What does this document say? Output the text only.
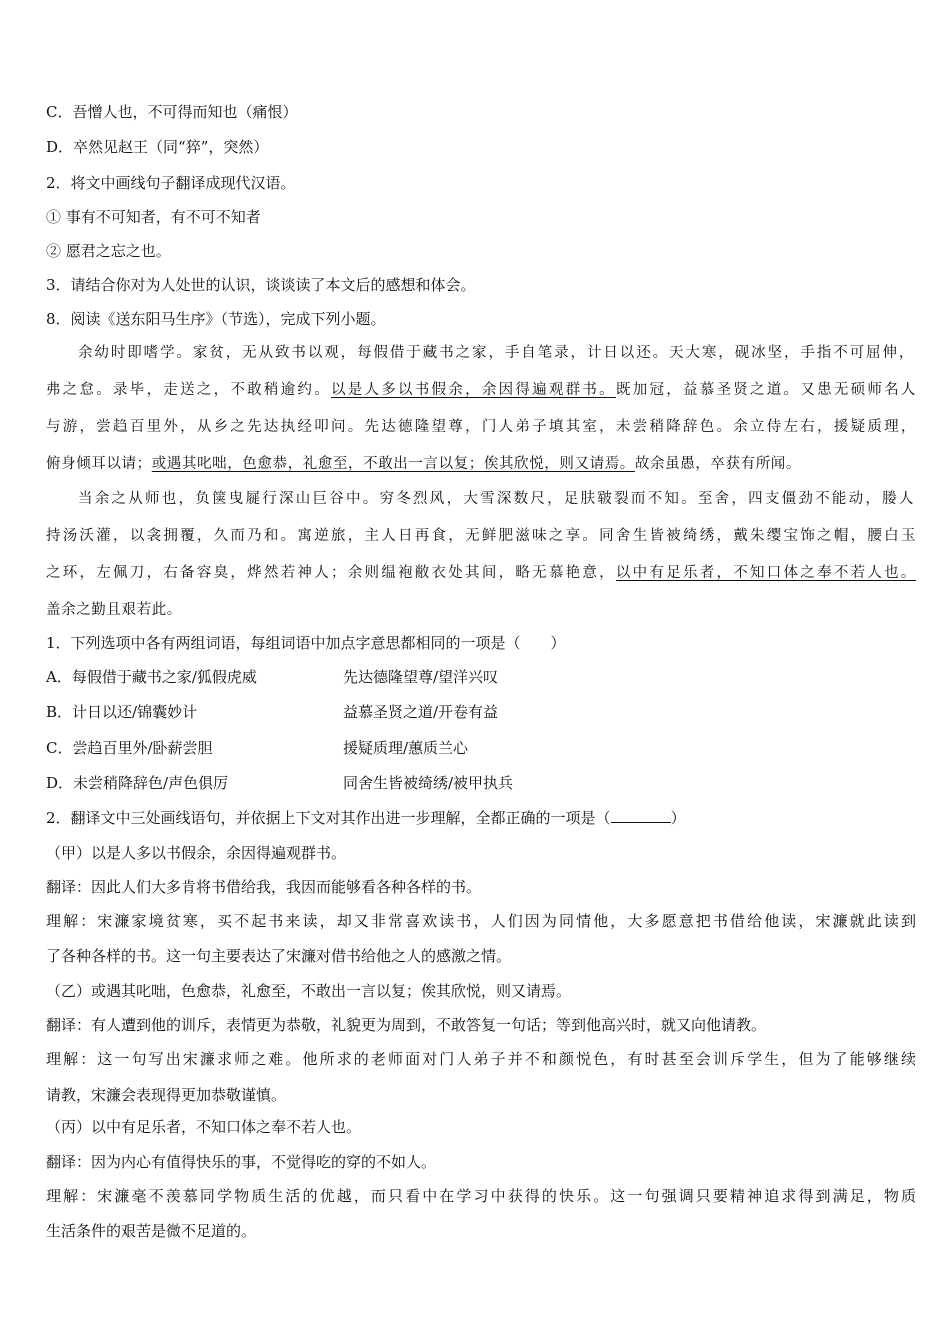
C．吾憎人也，不可得而知也（痛恨）
D．卒然见赵王（同“猝”，突然）
2．将文中画线句子翻译成现代汉语。
① 事有不可知者，有不可不知者
② 愿君之忘之也。
3．请结合你对为人处世的认识，谈谈读了本文后的感想和体会。
8．阅读《送东阳马生序》（节选），完成下列小题。
余幼时即嗜学。家贫，无从致书以观，每假借于藏书之家，手自笔录，计日以还。天大寒，砚冰坚，手指不可屈伸，
弗之怠。录毕，走送之，不敢稍逾约。以是人多以书假余，余因得遍观群书。既加冠，益慕圣贤之道。又患无硕师名人
与游，尝趋百里外，从乡之先达执经叩问。先达德隆望尊，门人弟子填其室，未尝稍降辞色。余立侍左右，援疑质理，
俯身倾耳以请；或遇其叱咄，色愈恭，礼愈至，不敢出一言以复；俟其欣悦，则又请焉。故余虽愚，卒获有所闻。
当余之从师也，负箧曳屣行深山巨谷中。穷冬烈风，大雪深数尺，足肤皲裂而不知。至舍，四支僵劲不能动，媵人
持汤沃灌，以衾拥覆，久而乃和。寓逆旅，主人日再食，无鲜肥滋味之享。同舍生皆被绮绣，戴朱缨宝饰之帽，腰白玉
之环，左佩刀，右备容臭，烨然若神人；余则缊袍敝衣处其间，略无慕艳意，以中有足乐者，不知口体之奉不若人也。
盖余之勤且艰若此。
1．下列选项中各有两组词语，每组词语中加点字意思都相同的一项是（　　）
A．每假借于藏书之家/狐假虎威	先达德隆望尊/望洋兴叹
B．计日以还/锦囊妙计	益慕圣贤之道/开卷有益
C．尝趋百里外/卧薪尝胆	援疑质理/蕙质兰心
D．未尝稍降辞色/声色俱厉	同舍生皆被绮绣/被甲执兵
2．翻译文中三处画线语句，并依据上下文对其作出进一步理解，全都正确的一项是（	）
（甲）以是人多以书假余，余因得遍观群书。
翻译：因此人们大多肯将书借给我，我因而能够看各种各样的书。
理解：宋濂家境贫寒，买不起书来读，却又非常喜欢读书，人们因为同情他，大多愿意把书借给他读，宋濂就此读到
了各种各样的书。这一句主要表达了宋濂对借书给他之人的感激之情。
（乙）或遇其叱咄，色愈恭，礼愈至，不敢出一言以复；俟其欣悦，则又请焉。
翻译：有人遭到他的训斥，表情更为恭敬，礼貌更为周到，不敢答复一句话；等到他高兴时，就又向他请教。
理解：这一句写出宋濂求师之难。他所求的老师面对门人弟子并不和颜悦色，有时甚至会训斥学生，但为了能够继续
请教，宋濂会表现得更加恭敬谨慎。
（丙）以中有足乐者，不知口体之奉不若人也。
翻译：因为内心有值得快乐的事，不觉得吃的穿的不如人。
理解：宋濂毫不羡慕同学物质生活的优越，而只看中在学习中获得的快乐。这一句强调只要精神追求得到满足，物质
生活条件的艰苦是微不足道的。
